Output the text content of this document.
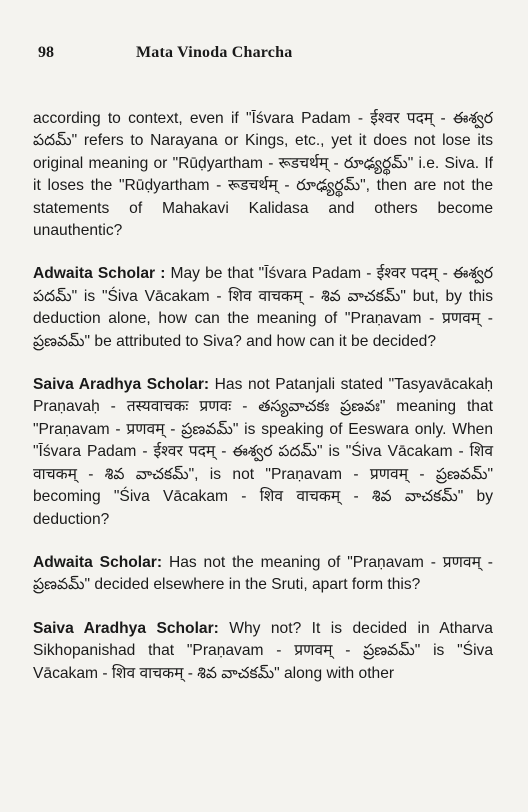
98	Mata Vinoda Charcha

according to context, even if "Īśvara Padam - ईश्वर पदम् - ఈశ్వర పదమ్" refers to Narayana or Kings, etc., yet it does not lose its original meaning or "Rūḍyartham - रूडचर्थम् - రూఢ్యర్థమ్" i.e. Siva. If it loses the "Rūḍyartham - रूडचर्थम् - రూఢ్యర్థమ్", then are not the statements of Mahakavi Kalidasa and others become unauthentic?

Adwaita Scholar : May be that "Īśvara Padam - ईश्वर पदम् - ఈశ్వర పదమ్" is "Śiva Vācakam - शिव वाचकम् - శివ వాచకమ్" but, by this deduction alone, how can the meaning of "Praṇavam - प्रणवम् - ప్రణవమ్" be attributed to Siva? and how can it be decided?

Saiva Aradhya Scholar: Has not Patanjali stated "Tasyavācakaḥ Praṇavaḥ - तस्यवाचकः प्रणवः - తస్యవాచకః ప్రణవః" meaning that "Praṇavam - प्रणवम् - ప్రణవమ్" is speaking of Eeswara only. When "Īśvara Padam - ईश्वर पदम् - ఈశ్వర పదమ్" is "Śiva Vācakam - शिव वाचकम् - శివ వాచకమ్", is not "Praṇavam - प्रणवम् - ప్రణవమ్" becoming "Śiva Vācakam - शिव वाचकम् - శివ వాచకమ్" by deduction?

Adwaita Scholar: Has not the meaning of "Praṇavam - प्रणवम् - ప్రణవమ్" decided elsewhere in the Sruti, apart form this?

Saiva Aradhya Scholar: Why not? It is decided in Atharva Sikhopanishad that "Praṇavam - प्रणवम् - ప్రణవమ్" is "Śiva Vācakam - शिव वाचकम् - శివ వాచకమ్" along with other
